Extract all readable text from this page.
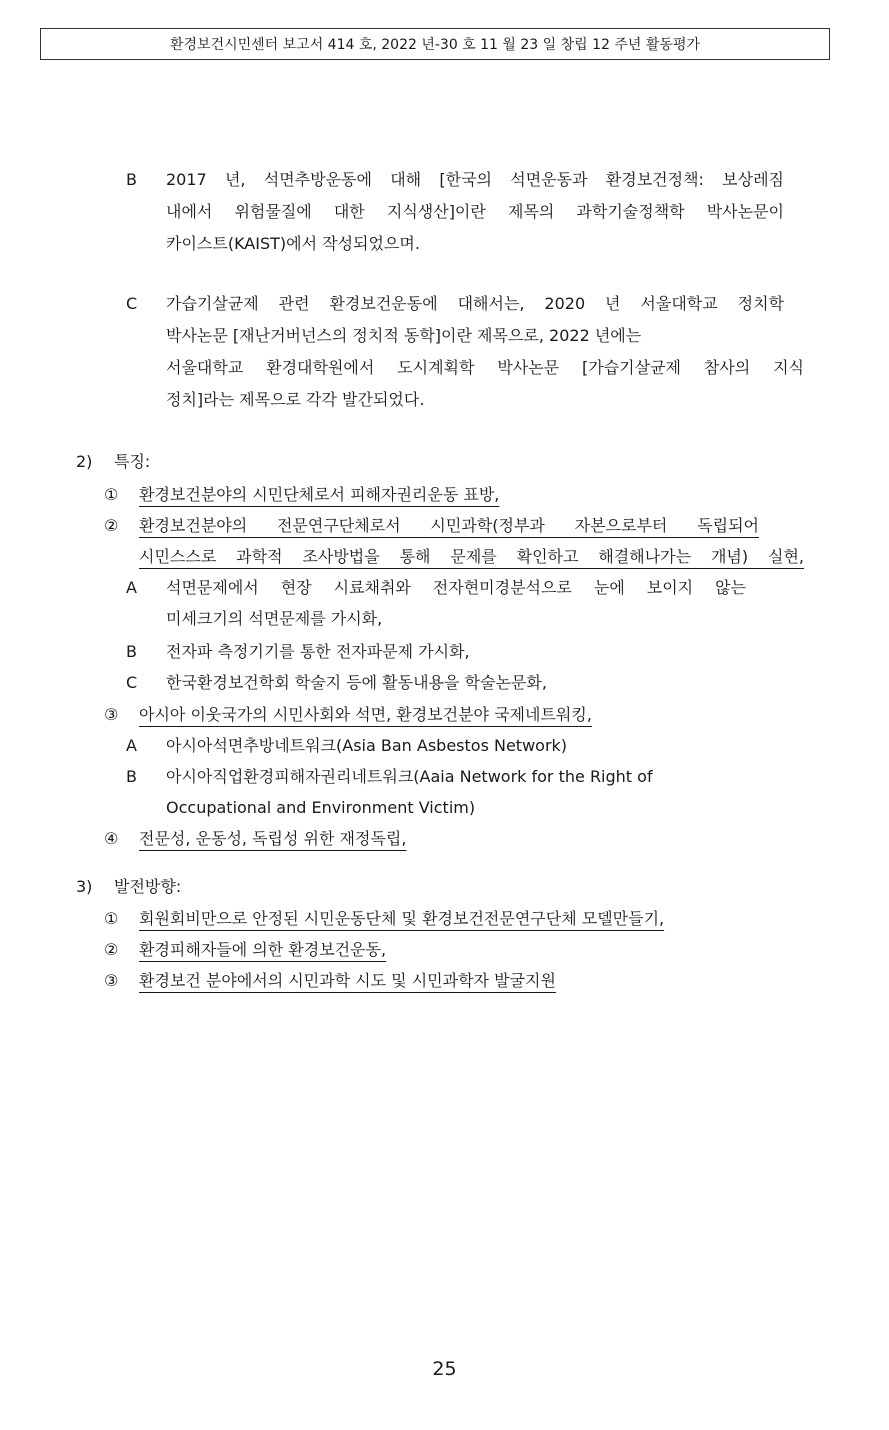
환경보건시민센터 보고서 414 호, 2022 년-30 호 11 월 23 일 창립 12 주년 활동평가
B 2017 년, 석면추방운동에 대해 [한국의 석면운동과 환경보건정책: 보상레짐
내에서 위험물질에 대한 지식생산]이란 제목의 과학기술정책학 박사논문이
카이스트(KAIST)에서 작성되었으며.
C 가습기살균제 관련 환경보건운동에 대해서는, 2020 년 서울대학교 정치학
박사논문 [재난거버넌스의 정치적 동학]이란 제목으로, 2022 년에는
서울대학교 환경대학원에서 도시계획학 박사논문 [가습기살균제 참사의 지식
정치]라는 제목으로 각각 발간되었다.
2) 특징:
① 환경보건분야의 시민단체로서 피해자권리운동 표방,
② 환경보건분야의 전문연구단체로서 시민과학(정부과 자본으로부터 독립되어
시민스스로 과학적 조사방법을 통해 문제를 확인하고 해결해나가는 개념) 실현,
A 석면문제에서 현장 시료채취와 전자현미경분석으로 눈에 보이지 않는
미세크기의 석면문제를 가시화,
B 전자파 측정기기를 통한 전자파문제 가시화,
C 한국환경보건학회 학술지 등에 활동내용을 학술논문화,
③ 아시아 이웃국가의 시민사회와 석면, 환경보건분야 국제네트워킹,
A 아시아석면추방네트워크(Asia Ban Asbestos Network)
B 아시아직업환경피해자권리네트워크(Aaia Network for the Right of
Occupational and Environment Victim)
④ 전문성, 운동성, 독립성 위한 재정독립,
3) 발전방향:
① 회원회비만으로 안정된 시민운동단체 및 환경보건전문연구단체 모델만들기,
② 환경피해자들에 의한 환경보건운동,
③ 환경보건 분야에서의 시민과학 시도 및 시민과학자 발굴지원
25
